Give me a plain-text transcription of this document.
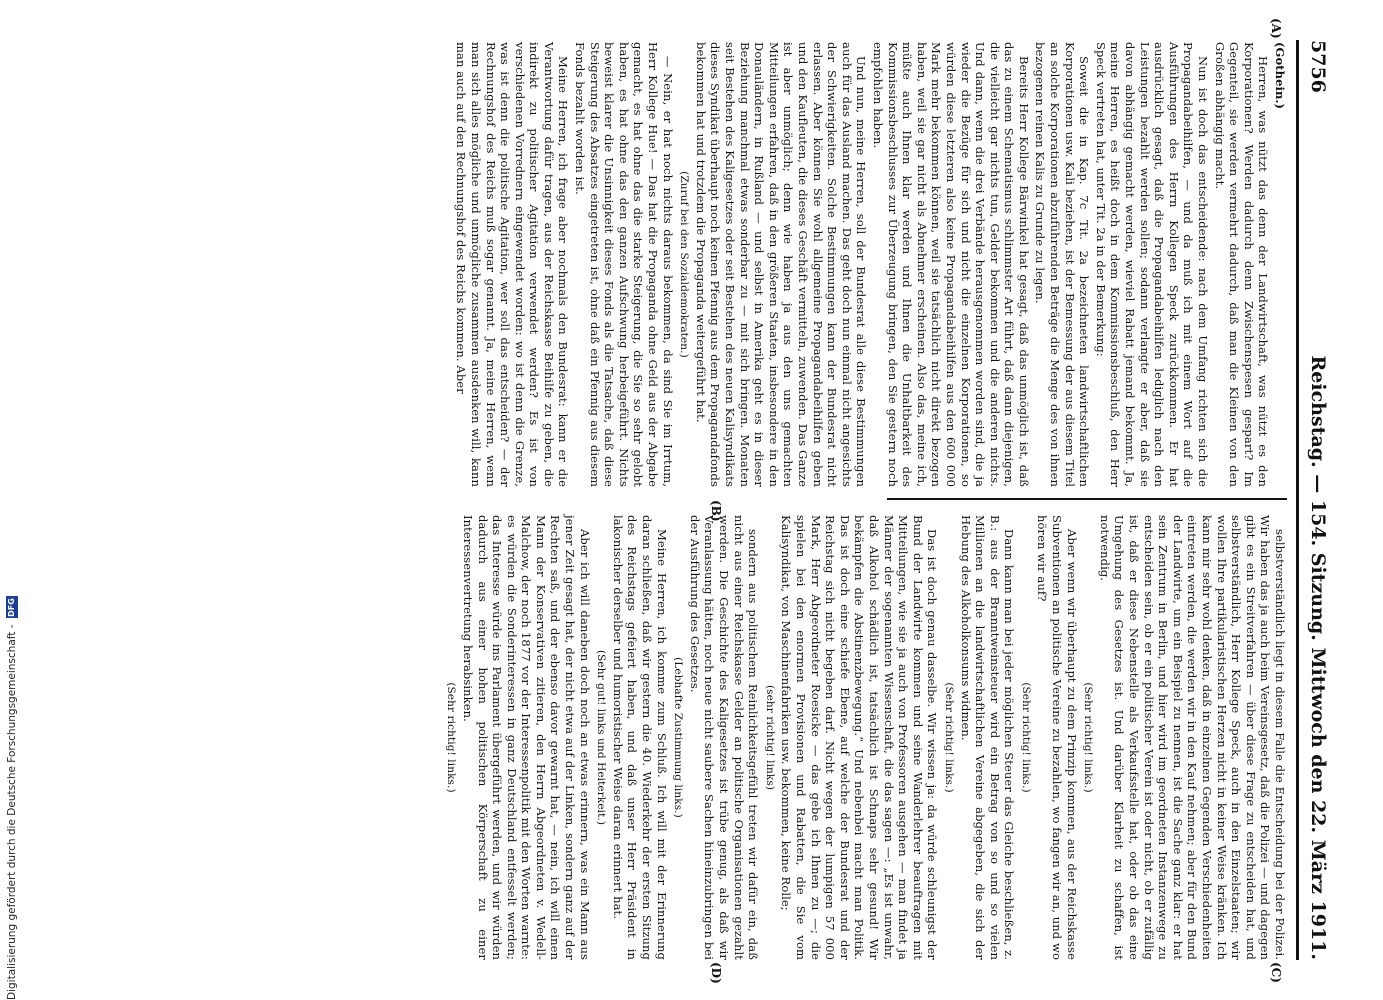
5756
Reichstag. — 154. Sitzung. Mittwoch den 22. März 1911.
(A)
(B)
(C)
(D)

(Gothein.)

Herren, was nützt das denn der Landwirtschaft, was nützt es den Korporationen? Werden dadurch denn Zwischenspesen gespart? Im Gegenteil, sie werden vermehrt dadurch, daß man die Kleinen von den Großen abhängig macht.

Nun ist doch das entscheidende: nach dem Umfang richten sich die Propagandabeihilfen, — und da muß ich mit einem Wort auf die Ausführungen des Herrn Kollegen Speck zurückkommen. Er hat ausdrücklich gesagt, daß die Propagandabeihilfen lediglich nach den Leistungen bezahlt werden sollen; sodann verlangte er aber, daß sie davon abhängig gemacht werden, wieviel Rabatt jemand bekommt. Ja, meine Herren, es heißt doch in dem Kommissionsbeschluß, den Herr Speck vertreten hat, unter Tit. 2a in der Bemerkung:

Soweit die in Kap. 7c Tit. 2a bezeichneten landwirtschaftlichen Korporationen usw. Kali beziehen, ist der Bemessung der aus diesem Titel an solche Korporationen abzuführenden Beträge die Menge des von ihnen bezogenen reinen Kalis zu Grunde zu legen.

Bereits Herr Kollege Bärwinkel hat gesagt, daß das unmöglich ist, daß das zu einem Schematismus schlimmster Art führt, daß dann diejenigen, die vielleicht gar nichts tun, Gelder bekommen und die anderen nichts. Und dann, wenn die drei Verbände herausgenommen worden sind, die ja wieder die Bezüge für sich und nicht die einzelnen Korporationen, so würden diese letzteren also keine Propagandabeihilfen aus den 600 000 Mark mehr bekommen können, weil sie tatsächlich nicht direkt bezogen haben, weil sie gar nicht als Abnehmer erscheinen. Also das, meine ich, müßte auch Ihnen klar werden und Ihnen die Unhaltbarkeit des Kommissionsbeschlusses zur Überzeugung bringen, den Sie gestern noch empfohlen haben.

Und nun, meine Herren, soll der Bundesrat alle diese Bestimmungen auch für das Ausland machen. Das geht doch nun einmal nicht angesichts der Schwierigkeiten. Solche Bestimmungen kann der Bundesrat nicht erlassen. Aber können Sie wohl allgemeine Propagandabeihilfen geben und den Kaufleuten, die dieses Geschäft vermitteln, zuwenden. Das Ganze ist aber unmöglich; denn wie haben ja aus den uns gemachten Mitteilungen erfahren, daß in den größeren Staaten, insbesondere in den Donauländern, in Rußland — und selbst in Amerika geht es in dieser Beziehung manchmal etwas sonderbar zu — mit sich bringen. Monaten seit Bestehen des Kaligesetzes oder seit Bestehen des neuen Kalisyndikats dieses Syndikat überhaupt noch keinen Pfennig aus dem Propagandafonds bekommen hat und trotzdem die Propaganda weitergeführt hat.

(Zuruf bei den Sozialdemokraten.)

— Nein, er hat noch nichts daraus bekommen, da sind Sie im Irrtum, Herr Kollege Hue! — Das hat die Propaganda ohne Geld aus der Abgabe gemacht, es hat ohne das die starke Steigerung, die Sie so sehr gelobt haben, es hat ohne das den ganzen Aufschwung herbeigeführt. Nichts beweist klarer die Unsinnigkeit dieses Fonds als die Tatsache, daß diese Steigerung des Absatzes eingetreten ist, ohne daß ein Pfennig aus diesem Fonds bezahlt worden ist.

Meine Herren, ich frage aber nochmals den Bundesrat: kann er die Verantwortung dafür tragen, aus der Reichskasse Beihilfe zu geben, die indirekt zu politischer Agitation verwendet werden? Es ist von verschiedenen Vorrednern eingewendet worden: wo ist denn die Grenze, was ist denn die politische Agitation, wer soll das entscheiden? — der Rechnungshof des Reichs muß sogar genannt. Ja, meine Herren, wenn man sich alles mögliche und unmögliche zusammen ausdenken will, kann man auch auf den Rechnungshof des Reichs kommen. Aber

selbstverständlich liegt in diesem Falle die Entscheidung bei der Polizei. Wir haben das ja auch beim Vereinsgesetz, daß die Polizei — und dagegen gibt es ein Streitverfahren — über diese Frage zu entscheiden hat, und selbstverständlich, Herr Kollege Speck, auch in den Einzelstaaten; wir wollen Ihre partikularistischen Herzen nicht in keiner Weise kränken. Ich kann mir sehr wohl denken, daß in einzelnen Gegenden Verschiedenheiten eintreten werden, die werden wir in den Kauf nehmen; aber für den Bund der Landwirte, um ein Beispiel zu nennen, ist die Sache ganz klar: er hat sein Zentrum in Berlin, und hier wird im geordneten Instanzenwege zu entscheiden sein, ob er ein politischer Verein ist oder nicht, ob er zufällig ist, daß er diese Nebenstelle als Verkaufsstelle hat, oder ob das eine Umgehung des Gesetzes ist. Und darüber Klarheit zu schaffen, ist notwendig.

(Sehr richtig! links.)

Aber wenn wir überhaupt zu dem Prinzip kommen, aus der Reichskasse Subventionen an politische Vereine zu bezahlen, wo fangen wir an, und wo hören wir auf?

(Sehr richtig! links.)

Dann kann man bei jeder möglichen Steuer das Gleiche beschließen, z. B.: aus der Branntweinsteuer wird ein Betrag von so und so vielen Millionen an die landwirtschaftlichen Vereine abgegeben, die sich der Hebung des Alkoholkonsums widmen.

(Sehr richtig! links.)

Das ist doch genau dasselbe. Wir wissen ja: da würde schleunigst der Bund der Landwirte kommen und seine Wanderlehrer beauftragen mit Mitteilungen, wie sie ja auch von Professoren ausgehen — man findet ja Männer der sogenannten Wissenschaft, die das sagen —: „Es ist unwahr, daß Alkohol schädlich ist, tatsächlich ist Schnaps sehr gesund! Wir bekämpfen die Abstinenzbewegung.“ Und nebenbei macht man Politik. Das ist doch eine schiefe Ebene, auf welche der Bundesrat und der Reichstag sich nicht begeben darf. Nicht wegen der lumpigen 57 000 Mark, Herr Abgeordneter Roesicke — das gebe ich Ihnen zu —; die spielen bei den enormen Provisionen und Rabatten, die Sie vom Kalisyndikat, von Maschinenfabriken usw. bekommen, keine Rolle;

(sehr richtig! links)

sondern aus politischem Reinlichkeitsgefühl treten wir dafür ein, daß nicht aus einer Reichskasse Gelder an politische Organisationen gezahlt werden. Die Geschichte des Kaligesetzes ist trübe genug, als daß wir Veranlassung hätten, noch neue nicht saubere Sachen hineinzubringen bei der Ausführung des Gesetzes.

(Lebhafte Zustimmung links.)

Meine Herren, ich komme zum Schluß. Ich will mit der Erinnerung daran schließen, daß wir gestern die 40. Wiederkehr der ersten Sitzung des Reichstags gefeiert haben, und daß unser Herr Präsident in lakonischer derselber und humoristischer Weise daran erinnert hat.

(Sehr gut! links und Heiterkeit.)

Aber ich will daneben doch noch an etwas erinnern, was ein Mann aus jener Zeit gesagt hat, der nicht etwa auf der Linken, sondern ganz auf der Rechten saß, und der ebenso davor gewarnt hat, — nein, ich will einen Mann der Konservativen zitieren, den Herrn Abgeordneten v. Wedell-Malchow, der noch 1877 vor der Interessenpolitik mit den Worten warnte: es würden die Sonderinteressen in ganz Deutschland entfesselt werden; das Interesse würde ins Parlament übergeführt werden, und wir würden dadurch aus einer hohen politischen Körperschaft zu einer Interessenvertretung herabsinken.

(Sehr richtig! links.)

Digitalisierung gefördert durch die Deutsche Forschungsgemeinschaft -
DFG
